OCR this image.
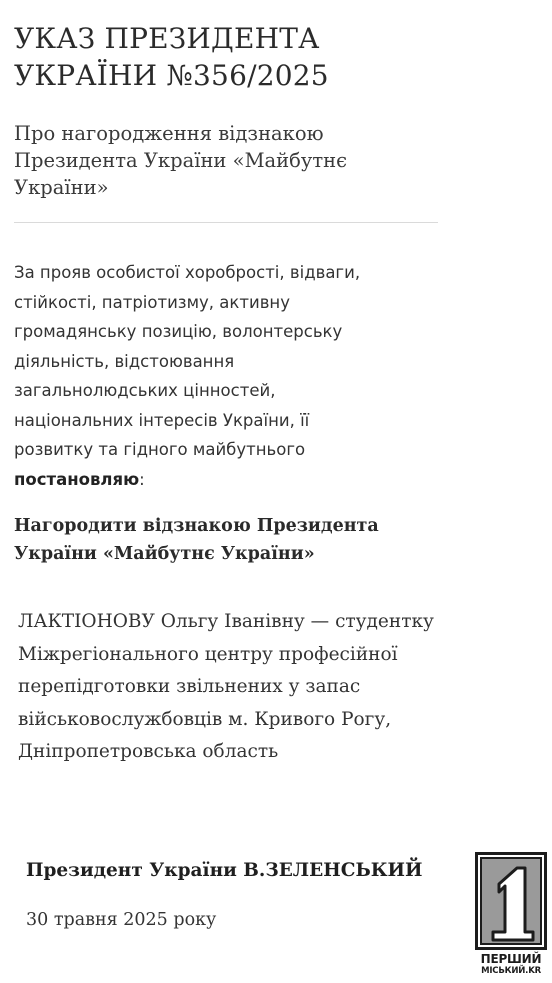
УКАЗ ПРЕЗИДЕНТА
УКРАЇНИ №356/2025
Про нагородження відзнакою
Президента України «Майбутнє
України»
За прояв особистої хоробрості, відваги,
стійкості, патріотизму, активну
громадянську позицію, волонтерську
діяльність, відстоювання
загальнолюдських цінностей,
національних інтересів України, її
розвитку та гідного майбутнього
постановляю:
Нагородити відзнакою Президента
України «Майбутнє України»
ЛАКТІОНОВУ Ольгу Іванівну — студентку
Міжрегіонального центру професійної
перепідготовки звільнених у запас
військовослужбовців м. Кривого Рогу,
Дніпропетровська область
Президент України В.ЗЕЛЕНСЬКИЙ
30 травня 2025 року
ПЕРШИЙ
МІСЬКИЙ.KR
